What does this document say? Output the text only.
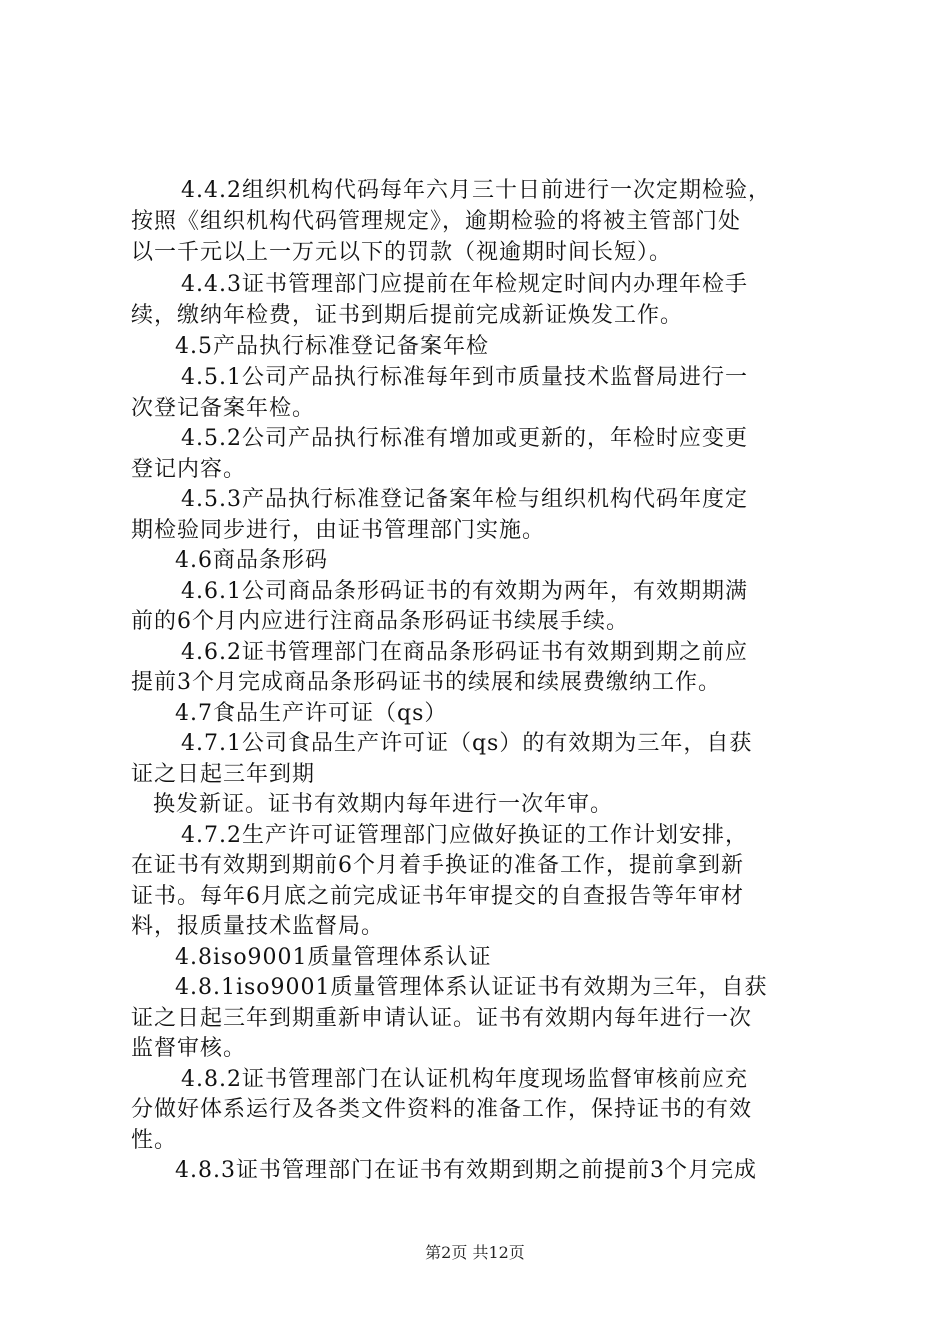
4.4.2组织机构代码每年六月三十日前进行一次定期检验，
按照《组织机构代码管理规定》，逾期检验的将被主管部门处
以一千元以上一万元以下的罚款（视逾期时间长短）。
4.4.3证书管理部门应提前在年检规定时间内办理年检手
续，缴纳年检费，证书到期后提前完成新证焕发工作。
4.5产品执行标准登记备案年检
4.5.1公司产品执行标准每年到市质量技术监督局进行一
次登记备案年检。
4.5.2公司产品执行标准有增加或更新的，年检时应变更
登记内容。
4.5.3产品执行标准登记备案年检与组织机构代码年度定
期检验同步进行，由证书管理部门实施。
4.6商品条形码
4.6.1公司商品条形码证书的有效期为两年，有效期期满
前的6个月内应进行注商品条形码证书续展手续。
4.6.2证书管理部门在商品条形码证书有效期到期之前应
提前3个月完成商品条形码证书的续展和续展费缴纳工作。
4.7食品生产许可证（qs）
4.7.1公司食品生产许可证（qs）的有效期为三年，自获
证之日起三年到期
换发新证。证书有效期内每年进行一次年审。
4.7.2生产许可证管理部门应做好换证的工作计划安排，
在证书有效期到期前6个月着手换证的准备工作，提前拿到新
证书。每年6月底之前完成证书年审提交的自查报告等年审材
料，报质量技术监督局。
4.8iso9001质量管理体系认证
4.8.1iso9001质量管理体系认证证书有效期为三年，自获
证之日起三年到期重新申请认证。证书有效期内每年进行一次
监督审核。
4.8.2证书管理部门在认证机构年度现场监督审核前应充
分做好体系运行及各类文件资料的准备工作，保持证书的有效
性。
4.8.3证书管理部门在证书有效期到期之前提前3个月完成
第2页 共12页
